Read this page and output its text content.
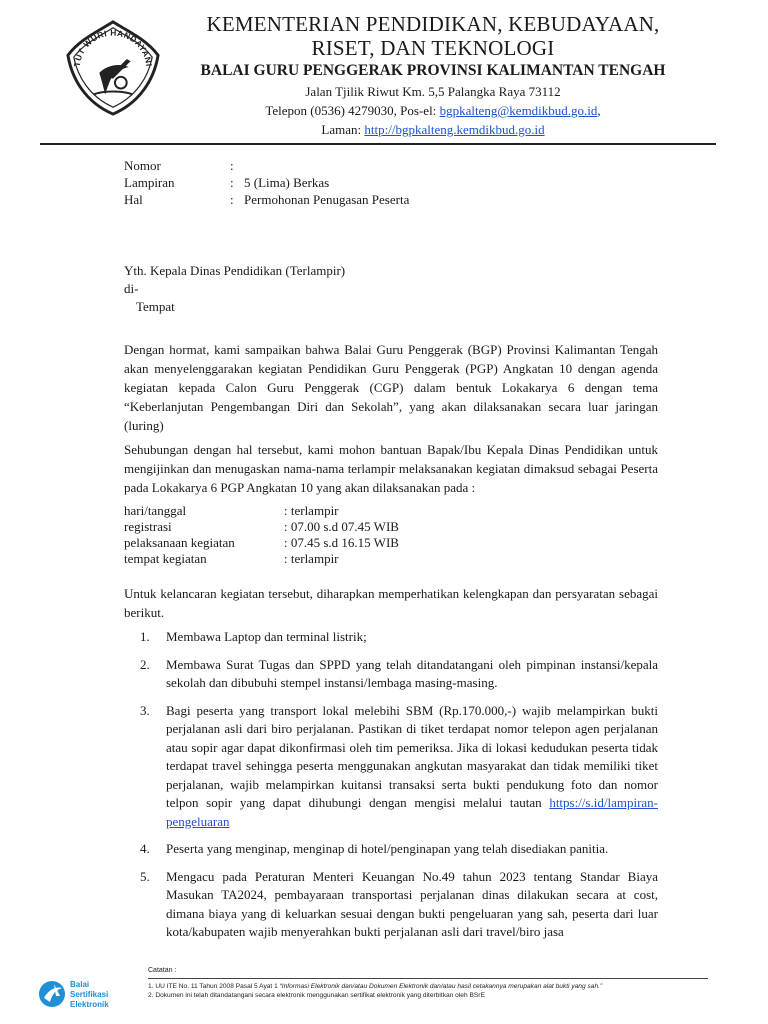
TUT WURI HANDAYANI
KEMENTERIAN PENDIDIKAN, KEBUDAYAAN,
RISET, DAN TEKNOLOGI
BALAI GURU PENGGERAK PROVINSI KALIMANTAN TENGAH
Jalan Tjilik Riwut Km. 5,5 Palangka Raya 73112
Telepon (0536) 4279030, Pos-el: bgpkalteng@kemdikbud.go.id,
Laman: http://bgpkalteng.kemdikbud.go.id
Nomor	:
Lampiran	: 5 (Lima) Berkas
Hal	: Permohonan Penugasan Peserta
Yth. Kepala Dinas Pendidikan (Terlampir)
di-
Tempat
Dengan hormat, kami sampaikan bahwa Balai Guru Penggerak (BGP) Provinsi Kalimantan Tengah akan menyelenggarakan kegiatan Pendidikan Guru Penggerak (PGP) Angkatan 10 dengan agenda kegiatan kepada Calon Guru Penggerak (CGP) dalam bentuk Lokakarya 6 dengan tema “Keberlanjutan Pengembangan Diri dan Sekolah”, yang akan dilaksanakan secara luar jaringan (luring)
Sehubungan dengan hal tersebut, kami mohon bantuan Bapak/Ibu Kepala Dinas Pendidikan untuk mengijinkan dan menugaskan nama-nama terlampir melaksanakan kegiatan dimaksud sebagai Peserta pada Lokakarya 6 PGP Angkatan 10 yang akan dilaksanakan pada :
hari/tanggal	: terlampir
registrasi	: 07.00 s.d 07.45 WIB
pelaksanaan kegiatan	: 07.45 s.d 16.15 WIB
tempat kegiatan	: terlampir
Untuk kelancaran kegiatan tersebut, diharapkan memperhatikan kelengkapan dan persyaratan sebagai berikut.
1. Membawa Laptop dan terminal listrik;
2. Membawa Surat Tugas dan SPPD yang telah ditandatangani oleh pimpinan instansi/kepala sekolah dan dibubuhi stempel instansi/lembaga masing-masing.
3. Bagi peserta yang transport lokal melebihi SBM (Rp.170.000,-) wajib melampirkan bukti perjalanan asli dari biro perjalanan. Pastikan di tiket terdapat nomor telepon agen perjalanan atau sopir agar dapat dikonfirmasi oleh tim pemeriksa. Jika di lokasi kedudukan peserta tidak terdapat travel sehingga peserta menggunakan angkutan masyarakat dan tidak memiliki tiket perjalanan, wajib melampirkan kuitansi transaksi serta bukti pendukung foto dan nomor telpon sopir yang dapat dihubungi dengan mengisi melalui tautan https://s.id/lampiran-pengeluaran
4. Peserta yang menginap, menginap di hotel/penginapan yang telah disediakan panitia.
5. Mengacu pada Peraturan Menteri Keuangan No.49 tahun 2023 tentang Standar Biaya Masukan TA2024, pembayaraan transportasi perjalanan dinas dilakukan secara at cost, dimana biaya yang di keluarkan sesuai dengan bukti pengeluaran yang sah, peserta dari luar kota/kabupaten wajib menyerahkan bukti perjalanan asli dari travel/biro jasa
Balai
Sertifikasi
Elektronik
Catatan :
1. UU ITE No. 11 Tahun 2008 Pasal 5 Ayat 1 “Informasi Elektronik dan/atau Dokumen Elektronik dan/atau hasil cetakannya merupakan alat bukti yang sah.”
2. Dokumen ini telah ditandatangani secara elektronik menggunakan sertifikat elektronik yang diterbitkan oleh BSrE
